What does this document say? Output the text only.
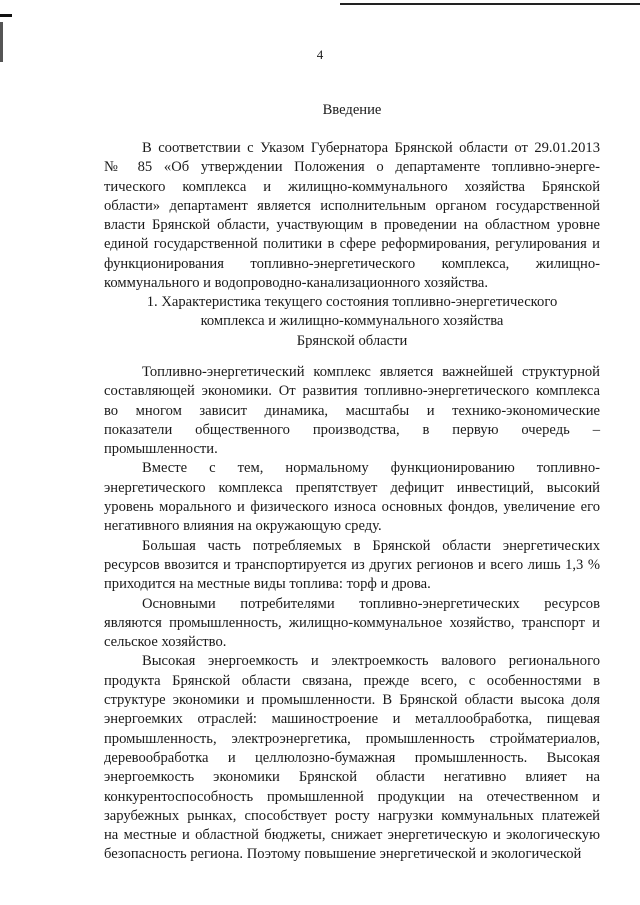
4
Введение
В соответствии с Указом Губернатора Брянской области от 29.01.2013
№ 85 «Об утверждении Положения о департаменте топливно-энерге-
тического комплекса и жилищно-коммунального хозяйства Брянской
области» департамент является исполнительным органом государственной
власти Брянской области, участвующим в проведении на областном уровне
единой государственной политики в сфере реформирования, регулирования и
функционирования топливно-энергетического комплекса, жилищно-
коммунального и водопроводно-канализационного хозяйства.
1. Характеристика текущего состояния топливно-энергетического
комплекса и жилищно-коммунального хозяйства
Брянской области
Топливно-энергетический комплекс является важнейшей структурной
составляющей экономики. От развития топливно-энергетического комплекса
во многом зависит динамика, масштабы и технико-экономические
показатели общественного производства, в первую очередь –
промышленности.
Вместе с тем, нормальному функционированию топливно-
энергетического комплекса препятствует дефицит инвестиций, высокий
уровень морального и физического износа основных фондов, увеличение его
негативного влияния на окружающую среду.
Большая часть потребляемых в Брянской области энергетических
ресурсов ввозится и транспортируется из других регионов и всего лишь 1,3 %
приходится на местные виды топлива: торф и дрова.
Основными потребителями топливно-энергетических ресурсов
являются промышленность, жилищно-коммунальное хозяйство, транспорт и
сельское хозяйство.
Высокая энергоемкость и электроемкость валового регионального
продукта Брянской области связана, прежде всего, с особенностями в
структуре экономики и промышленности. В Брянской области высока доля
энергоемких отраслей: машиностроение и металлообработка, пищевая
промышленность, электроэнергетика, промышленность стройматериалов,
деревообработка и целлюлозно-бумажная промышленность. Высокая
энергоемкость экономики Брянской области негативно влияет на
конкурентоспособность промышленной продукции на отечественном и
зарубежных рынках, способствует росту нагрузки коммунальных платежей
на местные и областной бюджеты, снижает энергетическую и экологическую
безопасность региона. Поэтому повышение энергетической и экологической
